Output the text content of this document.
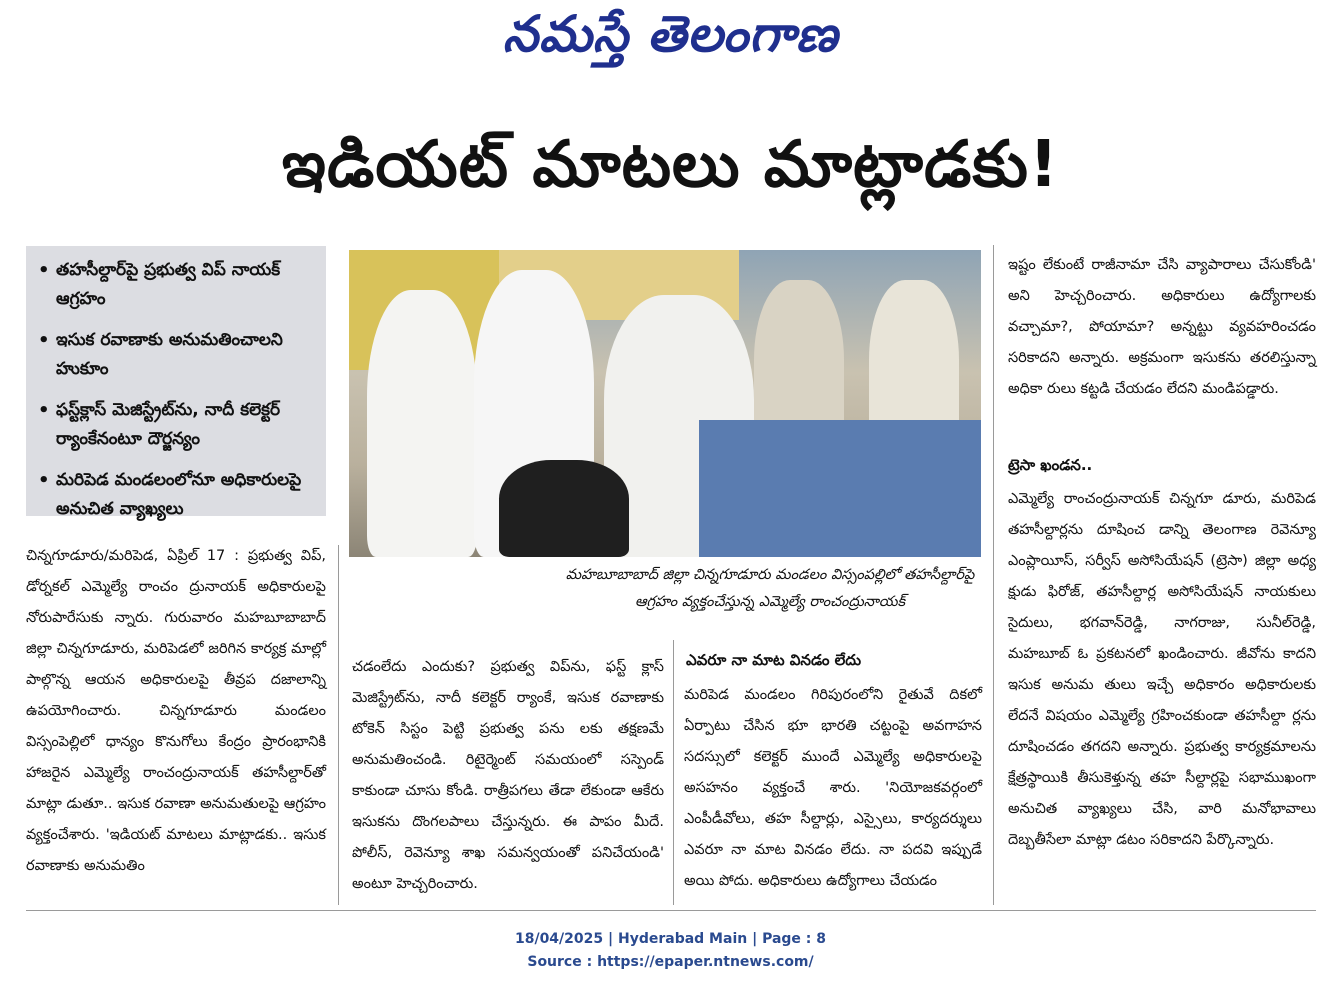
నమస్తే తెలంగాణ
ఇడియట్ మాటలు మాట్లాడకు!
• తహసీల్దార్‌పై ప్రభుత్వ విప్ నాయక్ ఆగ్రహం
• ఇసుక రవాణాకు అనుమతించాలని హుకూం
• ఫస్ట్‌క్లాస్ మెజిస్ట్రేట్‌ను, నాదీ కలెక్టర్ ర్యాంకేనంటూ దౌర్జన్యం
• మరిపెడ మండలంలోనూ అధికారులపై అనుచిత వ్యాఖ్యలు
మహబూబాబాద్ జిల్లా చిన్నగూడూరు మండలం విస్సంపల్లిలో తహసీల్దార్‌పై ఆగ్రహం వ్యక్తంచేస్తున్న ఎమ్మెల్యే రాంచంద్రునాయక్
చిన్నగూడూరు/మరిపెడ, ఏప్రిల్ 17 : ప్రభుత్వ విప్, డోర్నకల్ ఎమ్మెల్యే రాంచం ద్రునాయక్ అధికారులపై నోరుపారేసుకు న్నారు. గురువారం మహబూబాబాద్ జిల్లా చిన్నగూడూరు, మరిపెడలో జరిగిన కార్యక్ర మాల్లో పాల్గొన్న ఆయన అధికారులపై తీవ్రప దజాలాన్ని ఉపయోగించారు. చిన్నగూడూరు మండలం విస్సంపెల్లిలో ధాన్యం కొనుగోలు కేంద్రం ప్రారంభానికి హాజరైన ఎమ్మెల్యే రాంచంద్రునాయక్ తహసీల్దార్‌తో మాట్లా డుతూ.. ఇసుక రవాణా అనుమతులపై ఆగ్రహం వ్యక్తంచేశారు. 'ఇడియట్ మాటలు మాట్లాడకు.. ఇసుక రవాణాకు అనుమతిం
చడంలేదు ఎందుకు? ప్రభుత్వ విప్‌ను, ఫస్ట్ క్లాస్ మెజిస్ట్రేట్‌ను, నాదీ కలెక్టర్ ర్యాంకే, ఇసుక రవాణాకు టోకెన్ సిస్టం పెట్టి ప్రభుత్వ పను లకు తక్షణమే అనుమతించండి. రిటైర్మెంట్ సమయంలో సస్పెండ్ కాకుండా చూసు కోండి. రాత్రీపగలు తేడా లేకుండా ఆకేరు ఇసుకను దొంగలపాలు చేస్తున్నరు. ఈ పాపం మీదే. పోలీస్, రెవెన్యూ శాఖ సమన్వయంతో పనిచేయండి' అంటూ హెచ్చరించారు.
ఎవరూ నా మాట వినడం లేదు
మరిపెడ మండలం గిరిపురంలోని రైతువే దికలో ఏర్పాటు చేసిన భూ భారతి చట్టంపై అవగాహన సదస్సులో కలెక్టర్ ముందే ఎమ్మెల్యే అధికారులపై అసహనం వ్యక్తంచే శారు. 'నియోజకవర్గంలో ఎంపీడీవోలు, తహ సీల్దార్లు, ఎస్సైలు, కార్యదర్శులు ఎవరూ నా మాట వినడం లేదు. నా పదవి ఇప్పుడే అయి పోదు. అధికారులు ఉద్యోగాలు చేయడం
ఇష్టం లేకుంటే రాజీనామా చేసి వ్యాపారాలు చేసుకోండి' అని హెచ్చరించారు. అధికారులు ఉద్యోగాలకు వచ్చామా?, పోయామా? అన్నట్టు వ్యవహరించడం సరికాదని అన్నారు. అక్రమంగా ఇసుకను తరలిస్తున్నా అధికా రులు కట్టడి చేయడం లేదని మండిపడ్డారు.
ట్రెసా ఖండన..
ఎమ్మెల్యే రాంచంద్రునాయక్ చిన్నగూ డూరు, మరిపెడ తహసీల్దార్లను దూషించ డాన్ని తెలంగాణ రెవెన్యూ ఎంప్లాయీస్, సర్వీస్ అసోసియేషన్ (ట్రెసా) జిల్లా అధ్య క్షుడు ఫిరోజ్, తహసీల్దార్ల అసోసియేషన్ నాయకులు సైదులు, భగవాన్‌రెడ్డి, నాగరాజు, సునీల్‌రెడ్డి, మహబూబ్ ఓ ప్రకటనలో ఖండించారు. జీవోను కాదని ఇసుక అనుమ తులు ఇచ్చే అధికారం అధికారులకు లేదనే విషయం ఎమ్మెల్యే గ్రహించకుండా తహసీల్దా ర్లను దూషించడం తగదని అన్నారు. ప్రభుత్వ కార్యక్రమాలను క్షేత్రస్థాయికి తీసుకెళ్తున్న తహ సీల్దార్లపై సభాముఖంగా అనుచిత వ్యాఖ్యలు చేసి, వారి మనోభావాలు దెబ్బతీసేలా మాట్లా డటం సరికాదని పేర్కొన్నారు.
18/04/2025 | Hyderabad Main | Page : 8
Source : https://epaper.ntnews.com/
